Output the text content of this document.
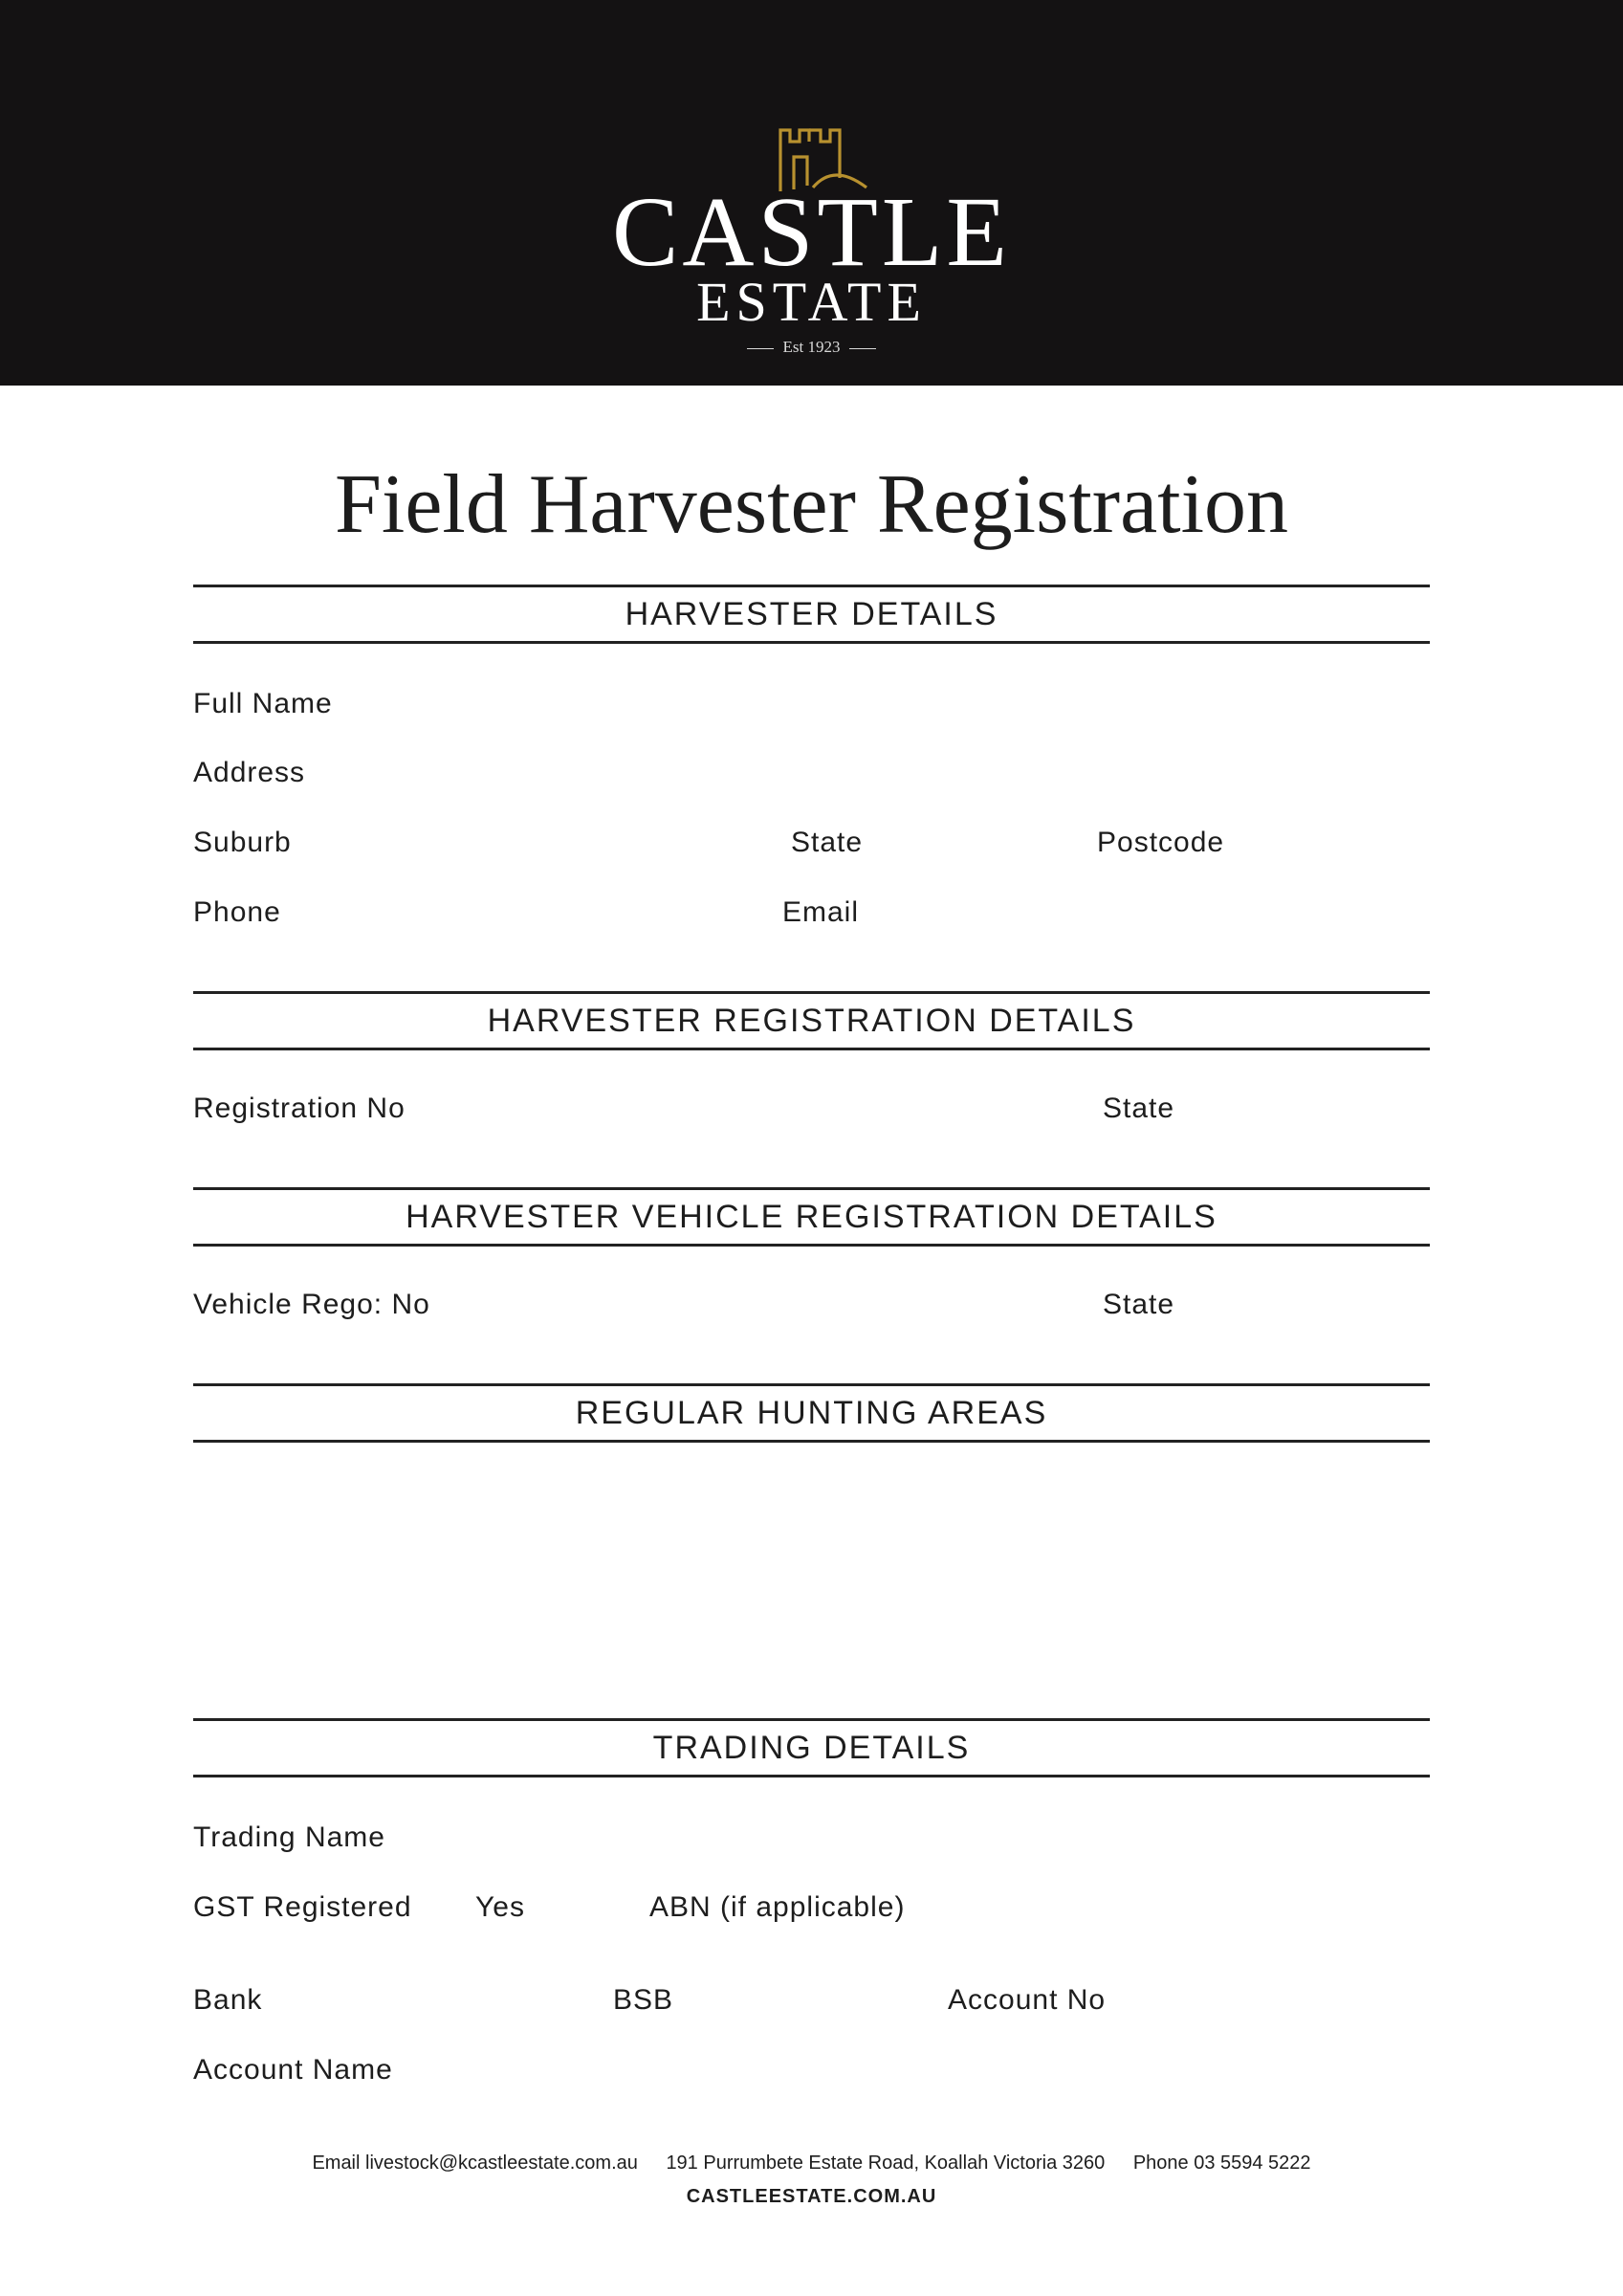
CASTLE
ESTATE
Est 1923
Field Harvester Registration
HARVESTER DETAILS
Full Name
Address
Suburb	State	Postcode
Phone	Email
HARVESTER REGISTRATION DETAILS
Registration No	State
HARVESTER VEHICLE REGISTRATION DETAILS
Vehicle Rego: No	State
REGULAR HUNTING AREAS
TRADING DETAILS
Trading Name
GST Registered Yes	ABN (if applicable)
Bank	BSB	Account No
Account Name
Email livestock@kcastleestate.com.au 191 Purrumbete Estate Road, Koallah Victoria 3260 Phone 03 5594 5222
CASTLEESTATE.COM.AU
